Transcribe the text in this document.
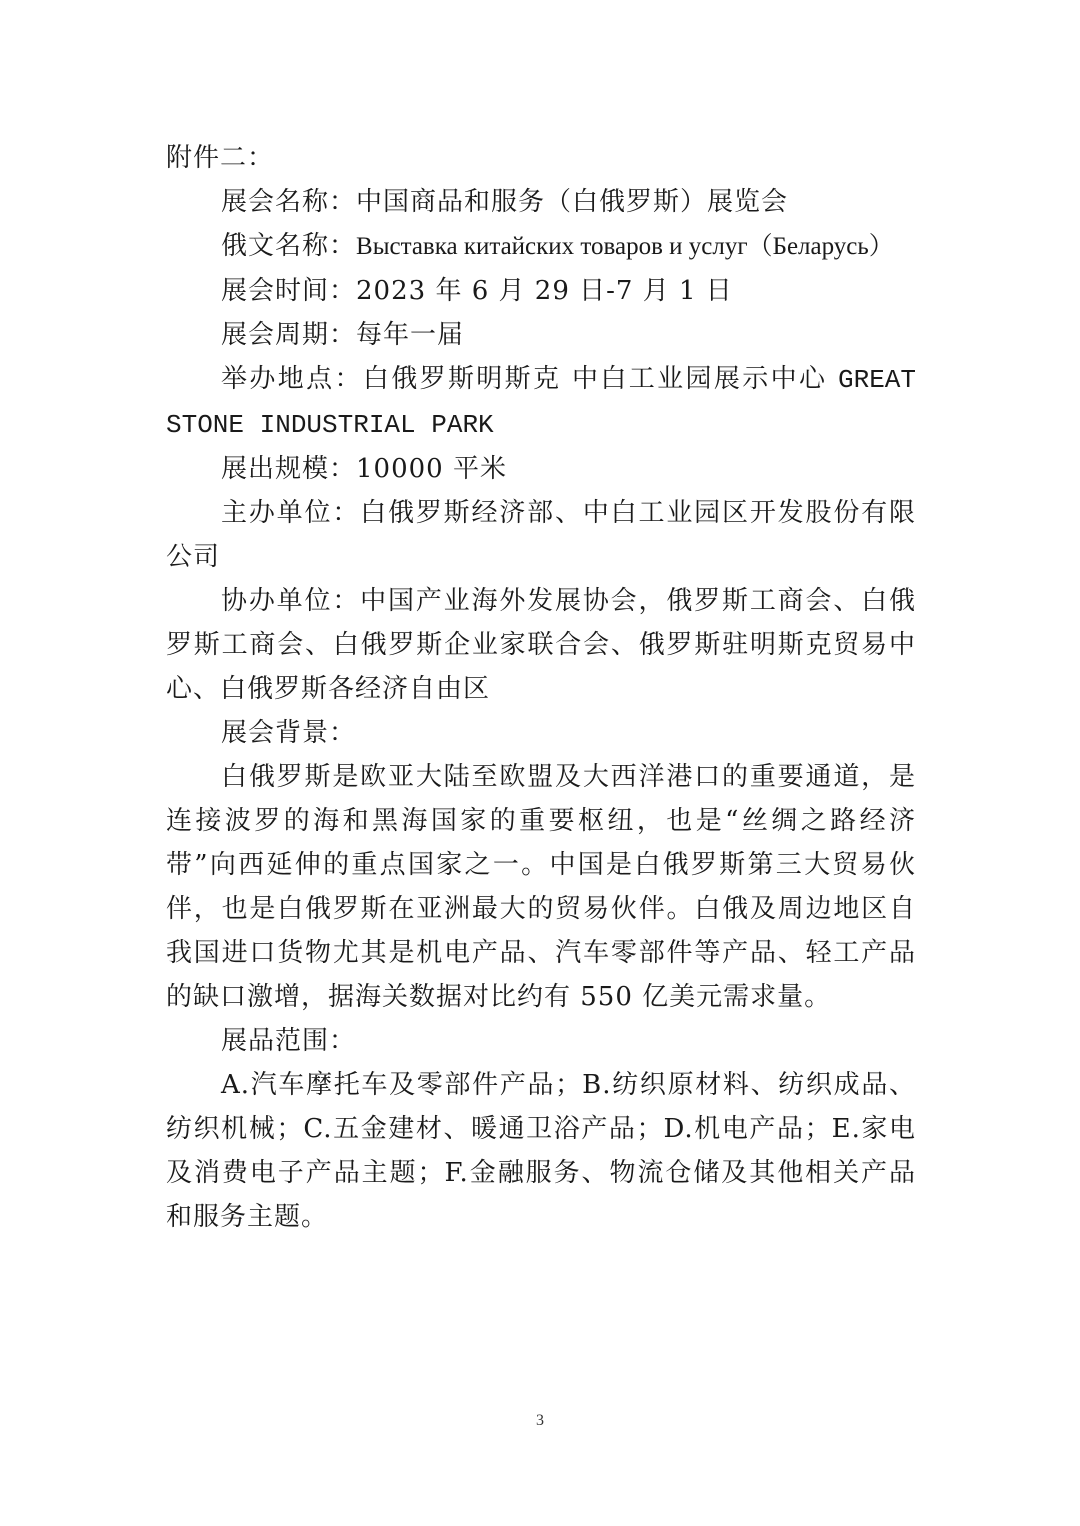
附件二：

展会名称：中国商品和服务（白俄罗斯）展览会

俄文名称：Выставка китайских товаров и услуг（Беларусь）

展会时间：2023 年 6 月 29 日-7 月 1 日

展会周期：每年一届

举办地点：白俄罗斯明斯克 中白工业园展示中心 GREAT STONE INDUSTRIAL PARK

展出规模：10000 平米

主办单位：白俄罗斯经济部、中白工业园区开发股份有限公司

协办单位：中国产业海外发展协会，俄罗斯工商会、白俄罗斯工商会、白俄罗斯企业家联合会、俄罗斯驻明斯克贸易中心、白俄罗斯各经济自由区

展会背景：

白俄罗斯是欧亚大陆至欧盟及大西洋港口的重要通道，是连接波罗的海和黑海国家的重要枢纽，也是“丝绸之路经济带”向西延伸的重点国家之一。中国是白俄罗斯第三大贸易伙伴，也是白俄罗斯在亚洲最大的贸易伙伴。白俄及周边地区自我国进口货物尤其是机电产品、汽车零部件等产品、轻工产品的缺口激增，据海关数据对比约有 550 亿美元需求量。

展品范围：

A.汽车摩托车及零部件产品；B.纺织原材料、纺织成品、纺织机械；C.五金建材、暖通卫浴产品；D.机电产品；E.家电及消费电子产品主题；F.金融服务、物流仓储及其他相关产品和服务主题。

3
